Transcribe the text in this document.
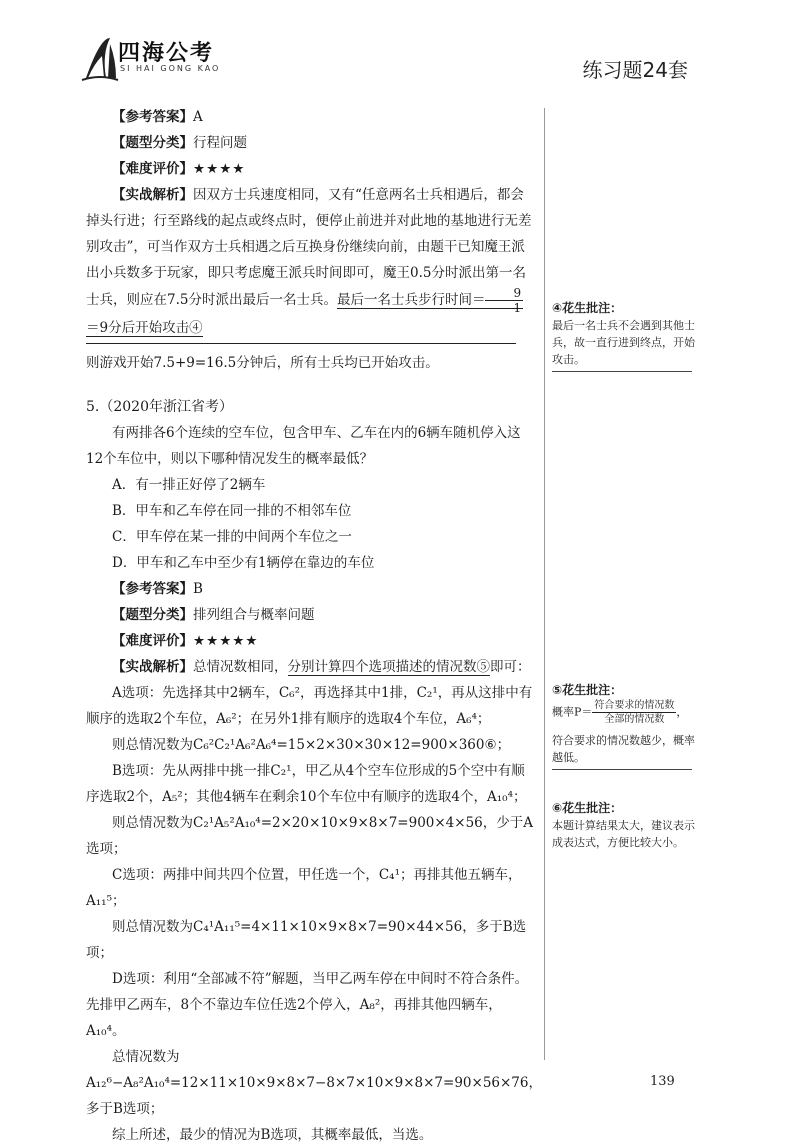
四海公考
SI HAI GONG KAO	练习题24套

【参考答案】A

【题型分类】行程问题

【难度评价】★★★★

【实战解析】因双方士兵速度相同，又有“任意两名士兵相遇后，都会掉头行进；行至路线的起点或终点时，便停止前进并对此地的基地进行无差别攻击”，可当作双方士兵相遇之后互换身份继续向前，由题干已知魔王派出小兵数多于玩家，即只考虑魔王派兵时间即可，魔王0.5分时派出第一名士兵，则应在7.5分时派出最后一名士兵。最后一名士兵步行时间＝ $\frac{9}{1}$
＝9分后开始攻击④

则游戏开始7.5+9=16.5分钟后，所有士兵均已开始攻击。

5.（2020年浙江省考）

有两排各6个连续的空车位，包含甲车、乙车在内的6辆车随机停入这12个车位中，则以下哪种情况发生的概率最低？

A．有一排正好停了2辆车

B．甲车和乙车停在同一排的不相邻车位

C．甲车停在某一排的中间两个车位之一

D．甲车和乙车中至少有1辆停在靠边的车位

【参考答案】B

【题型分类】排列组合与概率问题

【难度评价】★★★★★

【实战解析】总情况数相同，分别计算四个选项描述的情况数⑤即可：

A选项：先选择其中2辆车，C₆²，再选择其中1排，C₂¹，再从这排中有顺序的选取2个车位，A₆²；在另外1排有顺序的选取4个车位，A₆⁴；

则总情况数为C₆²C₂¹A₆²A₆⁴=15×2×30×30×12=900×360⑥；

B选项：先从两排中挑一排C₂¹，甲乙从4个空车位形成的5个空中有顺序选取2个，A₅²；其他4辆车在剩余10个车位中有顺序的选取4个，A₁₀⁴；

则总情况数为C₂¹A₅²A₁₀⁴=2×20×10×9×8×7=900×4×56，少于A选项；

C选项：两排中间共四个位置，甲任选一个，C₄¹；再排其他五辆车，A₁₁⁵；

则总情况数为C₄¹A₁₁⁵=4×11×10×9×8×7=90×44×56，多于B选项；

D选项：利用“全部减不符”解题，当甲乙两车停在中间时不符合条件。先排甲乙两车，8个不靠边车位任选2个停入，A₈²，再排其他四辆车，A₁₀⁴。

总情况数为A₁₂⁶−A₈²A₁₀⁴=12×11×10×9×8×7−8×7×10×9×8×7=90×56×76，多于B选项；

综上所述，最少的情况为B选项，其概率最低，当选。

④花生批注：
最后一名士兵不会遇到其他士兵，故一直行进到终点，开始攻击。
⑤花生批注：
概率$P= \frac{\text{符合要求的情况数}}{\text{全部的情况数}}$ ，
符合要求的情况数越少，概率越低。
⑥花生批注：
本题计算结果太大，建议表示成表达式，方便比较大小。
139
